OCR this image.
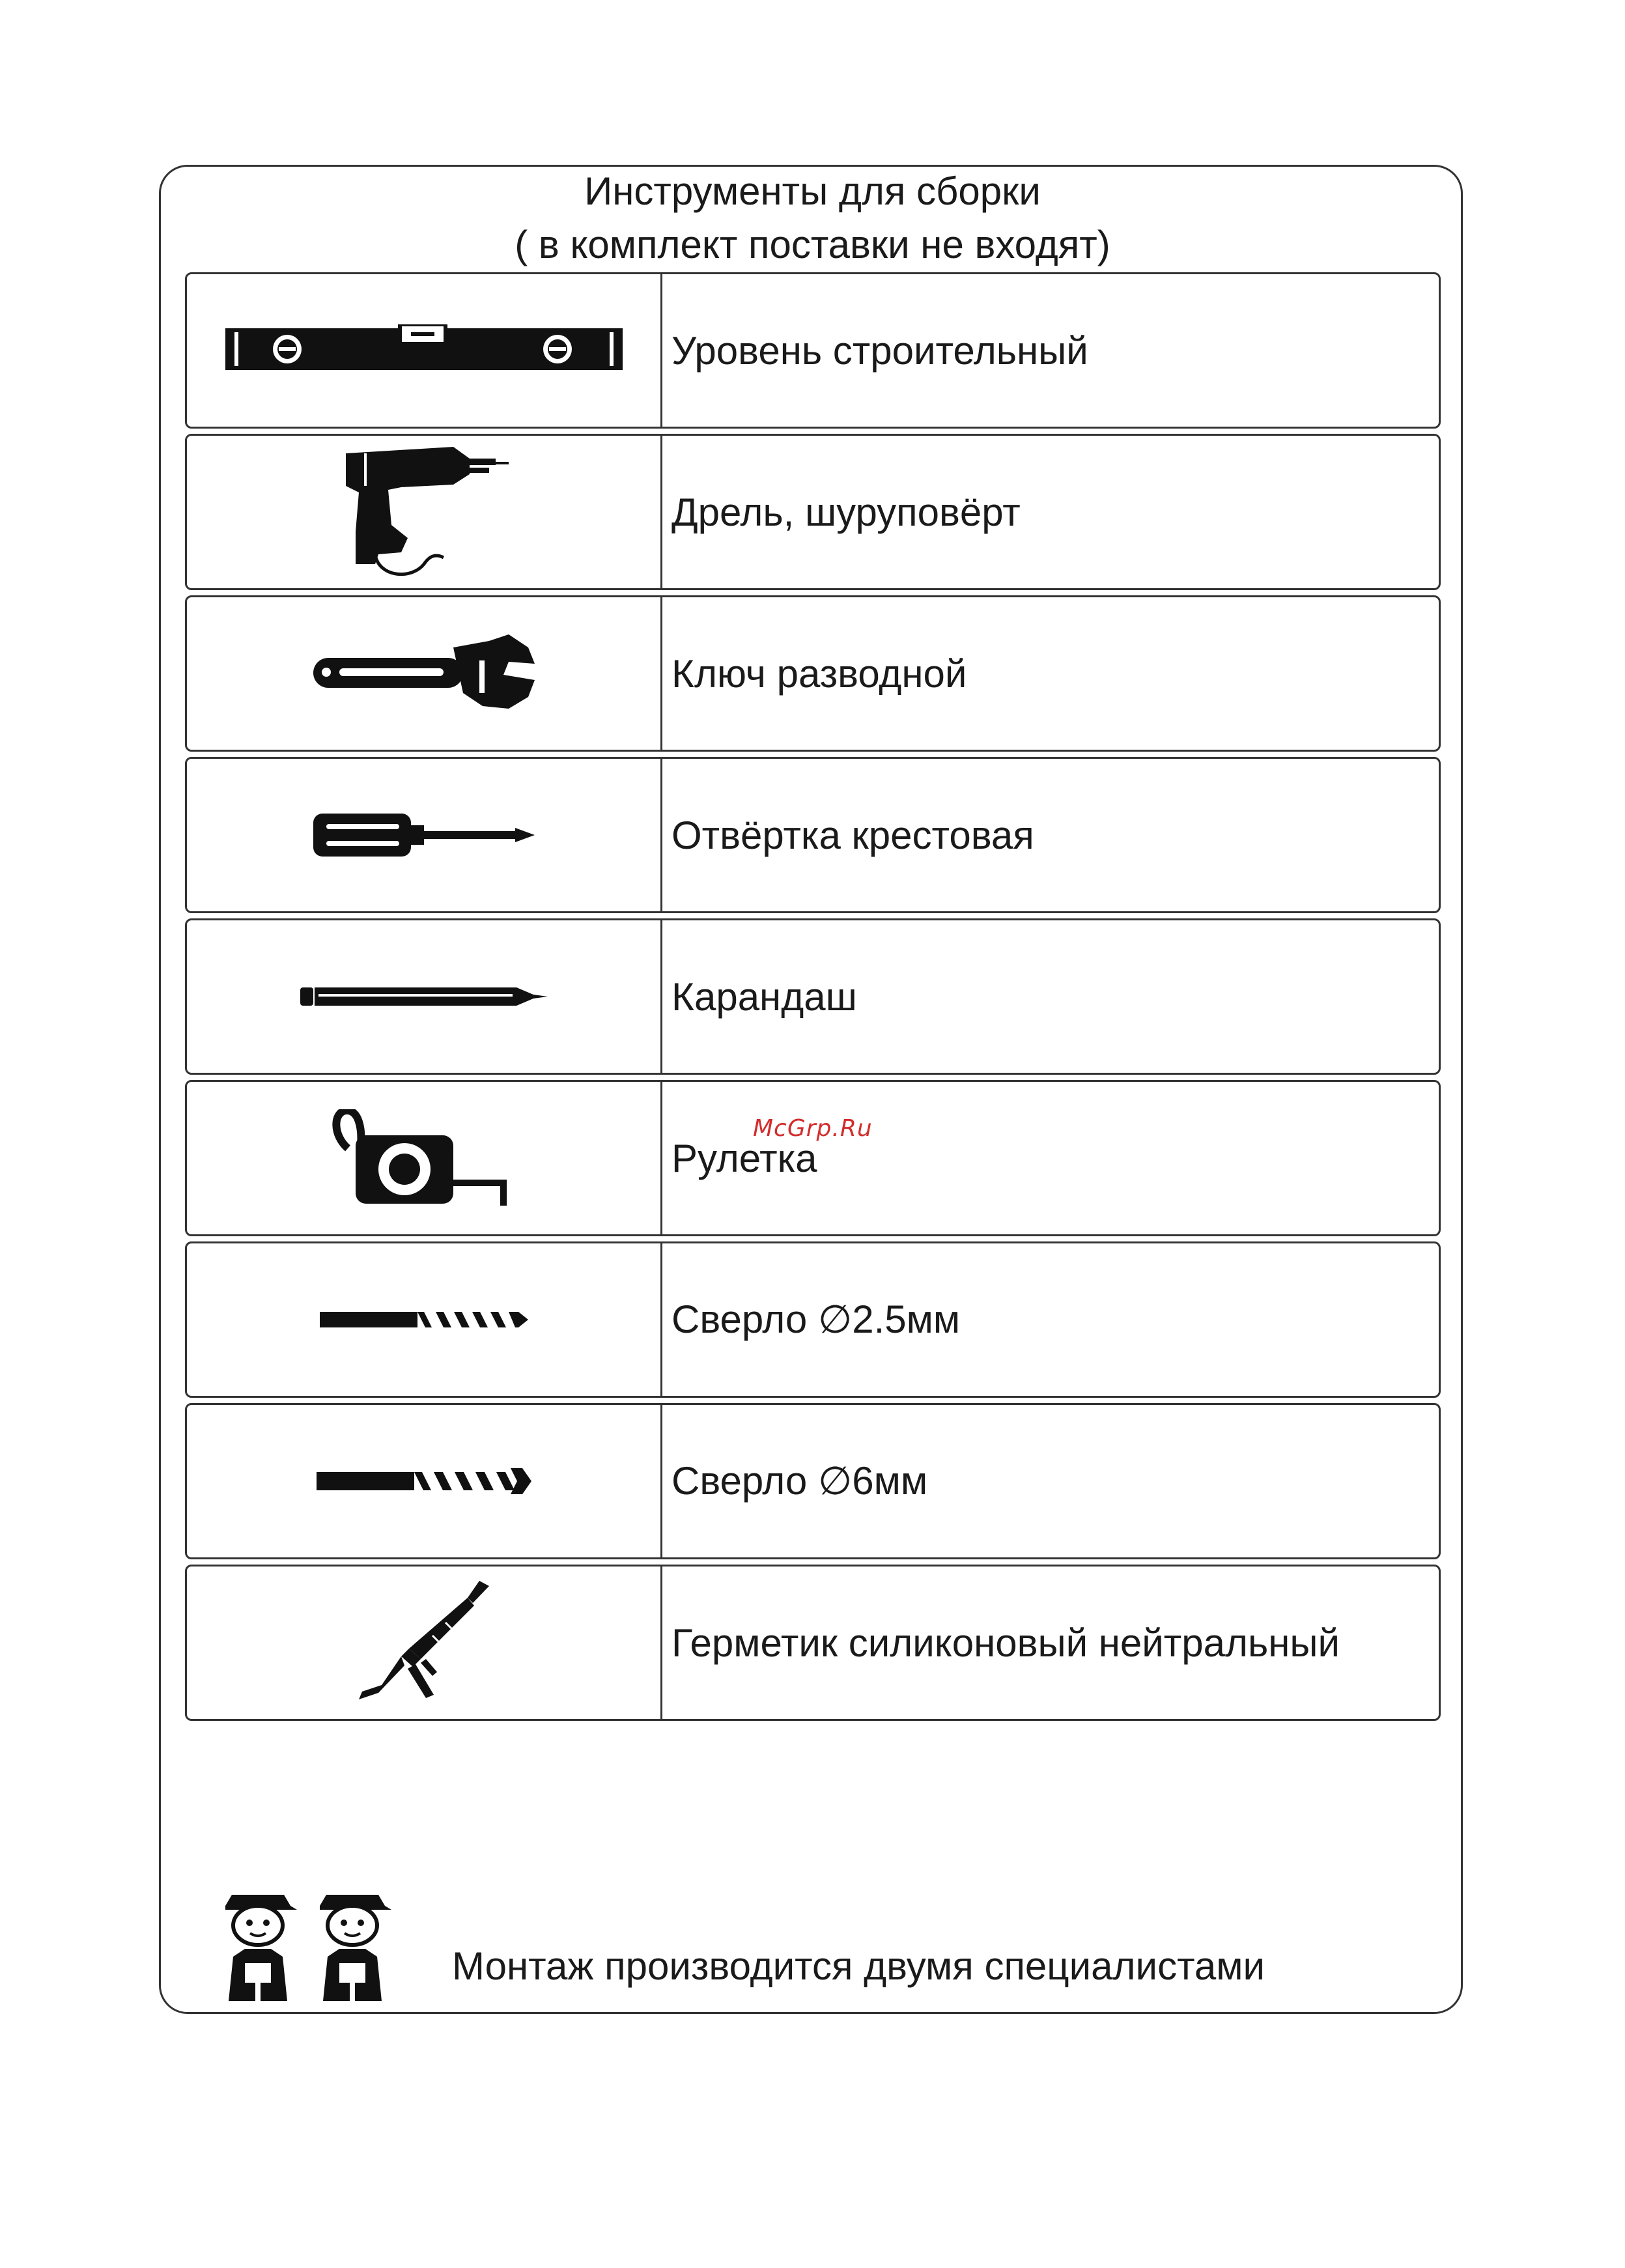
Инструменты для сборки
( в комплект поставки не входят)
Уровень строительный
Дрель, шуруповёрт
Ключ разводной
Отвёртка крестовая
Карандаш
Рулетка
Сверло ∅2.5мм
Сверло ∅6мм
Герметик силиконовый нейтральный
McGrp.Ru
Монтаж производится двумя специалистами
